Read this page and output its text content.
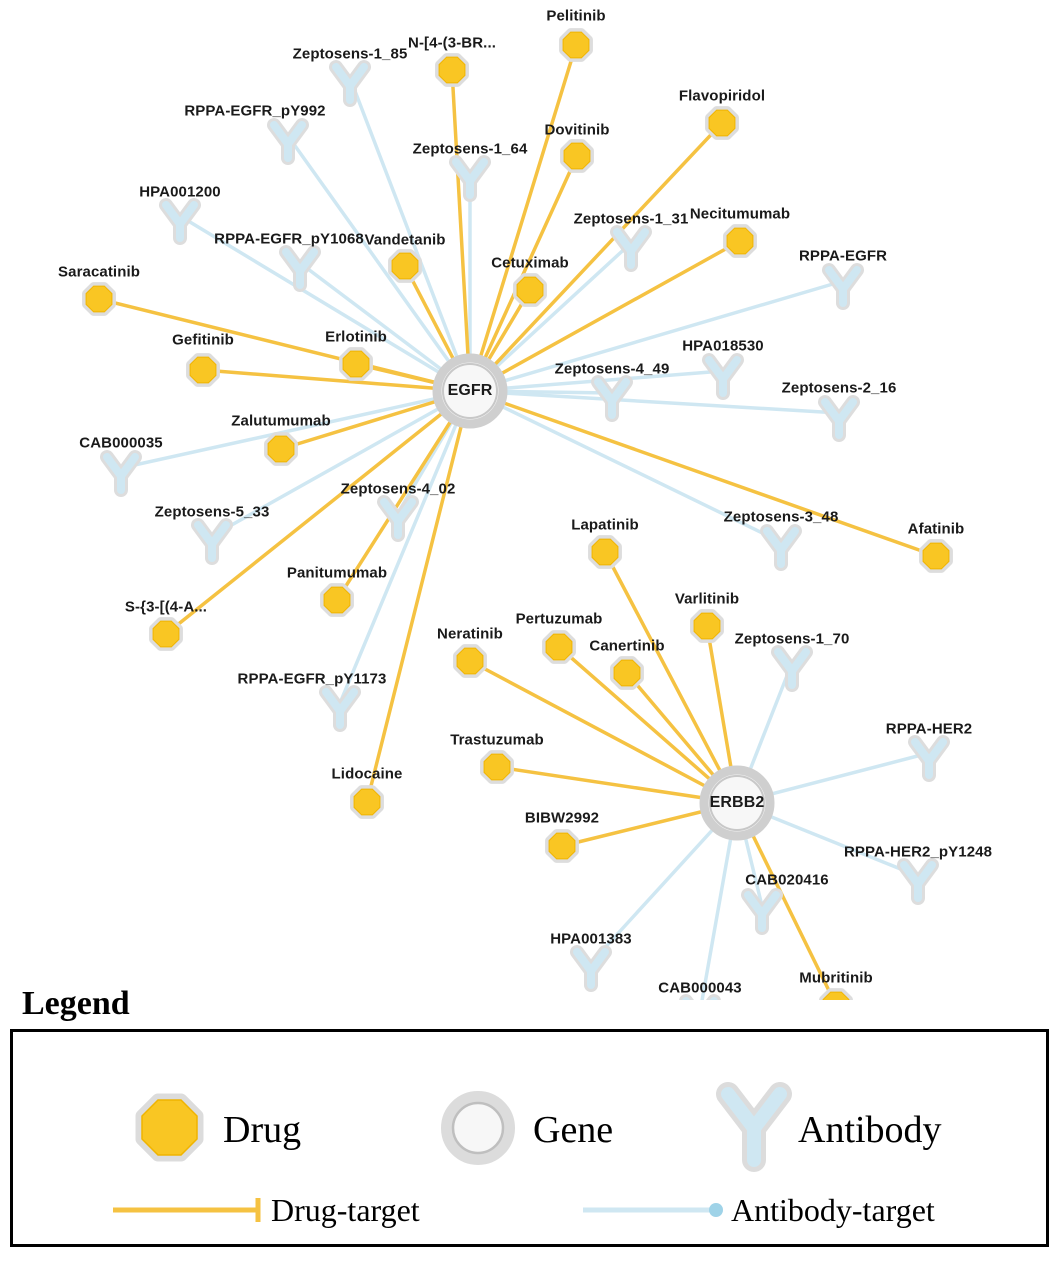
Pelitinib
N-[4-(3-BR...
Flavopiridol
Dovitinib
Necitumumab
Vandetanib
Cetuximab
Saracatinib
Erlotinib
Gefitinib
Zalutumumab
Afatinib
Lapatinib
Varlitinib
Panitumumab
S-{3-[(4-A...
Pertuzumab
Neratinib
Canertinib
Trastuzumab
Lidocaine
BIBW2992
Mubritinib
Zeptosens-1_85
RPPA-EGFR_pY992
Zeptosens-1_64
HPA001200
Zeptosens-1_31
RPPA-EGFR_pY1068
RPPA-EGFR
HPA018530
Zeptosens-4_49
Zeptosens-2_16
CAB000035
Zeptosens-4_02
Zeptosens-5_33	Zeptosens-3_48
Zeptosens-1_70
RPPA-EGFR_pY1173
RPPA-HER2
RPPA-HER2_pY1248
CAB020416
HPA001383
CAB000043
EGFR
ERBB2
Legend
Drug	Gene	Antibody
Drug-target	Antibody-target
